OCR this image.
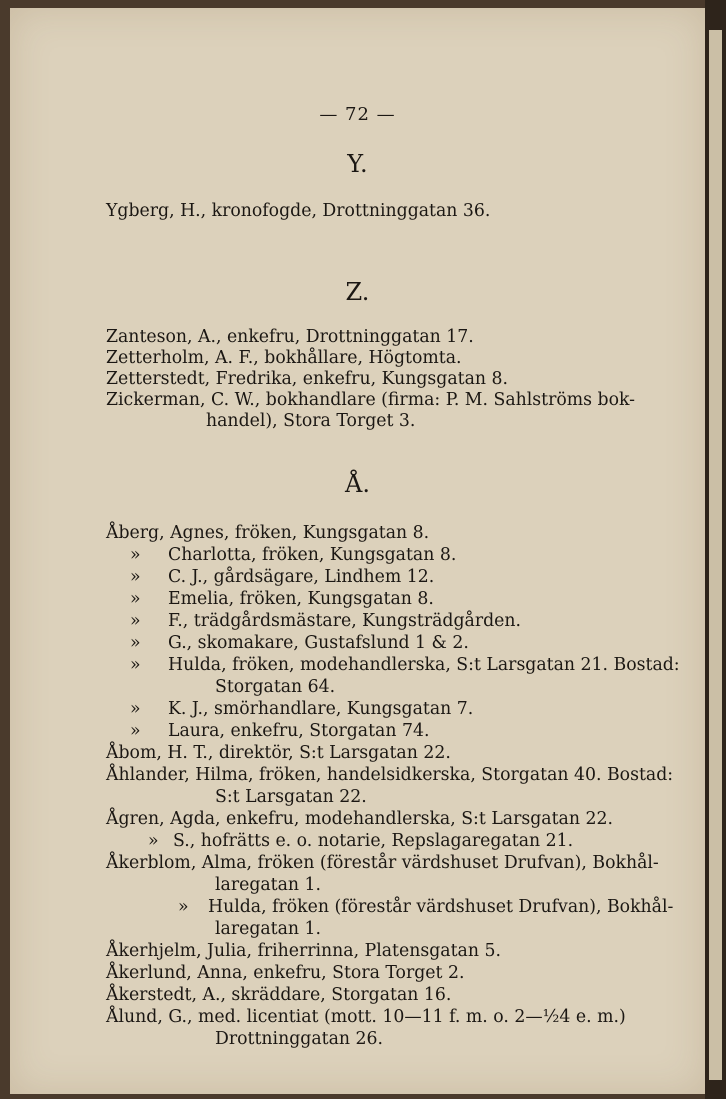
— 72 —
Y.
Ygberg, H., kronofogde, Drottninggatan 36.
Z.
Zanteson, A., enkefru, Drottninggatan 17.
Zetterholm, A. F., bokhållare, Högtomta.
Zetterstedt, Fredrika, enkefru, Kungsgatan 8.
Zickerman, C. W., bokhandlare (firma: P. M. Sahlströms bok-
handel), Stora Torget 3.
Å.
Åberg, Agnes, fröken, Kungsgatan 8.
» Charlotta, fröken, Kungsgatan 8.
» C. J., gårdsägare, Lindhem 12.
» Emelia, fröken, Kungsgatan 8.
» F., trädgårdsmästare, Kungsträdgården.
» G., skomakare, Gustafslund 1 & 2.
» Hulda, fröken, modehandlerska, S:t Larsgatan 21. Bostad:
Storgatan 64.
» K. J., smörhandlare, Kungsgatan 7.
» Laura, enkefru, Storgatan 74.
Åbom, H. T., direktör, S:t Larsgatan 22.
Åhlander, Hilma, fröken, handelsidkerska, Storgatan 40. Bostad:
S:t Larsgatan 22.
Ågren, Agda, enkefru, modehandlerska, S:t Larsgatan 22.
» S., hofrätts e. o. notarie, Repslagaregatan 21.
Åkerblom, Alma, fröken (förestår värdshuset Drufvan), Bokhål-
laregatan 1.
» Hulda, fröken (förestår värdshuset Drufvan), Bokhål-
laregatan 1.
Åkerhjelm, Julia, friherrinna, Platensgatan 5.
Åkerlund, Anna, enkefru, Stora Torget 2.
Åkerstedt, A., skräddare, Storgatan 16.
Ålund, G., med. licentiat (mott. 10—11 f. m. o. 2—½4 e. m.)
Drottninggatan 26.
